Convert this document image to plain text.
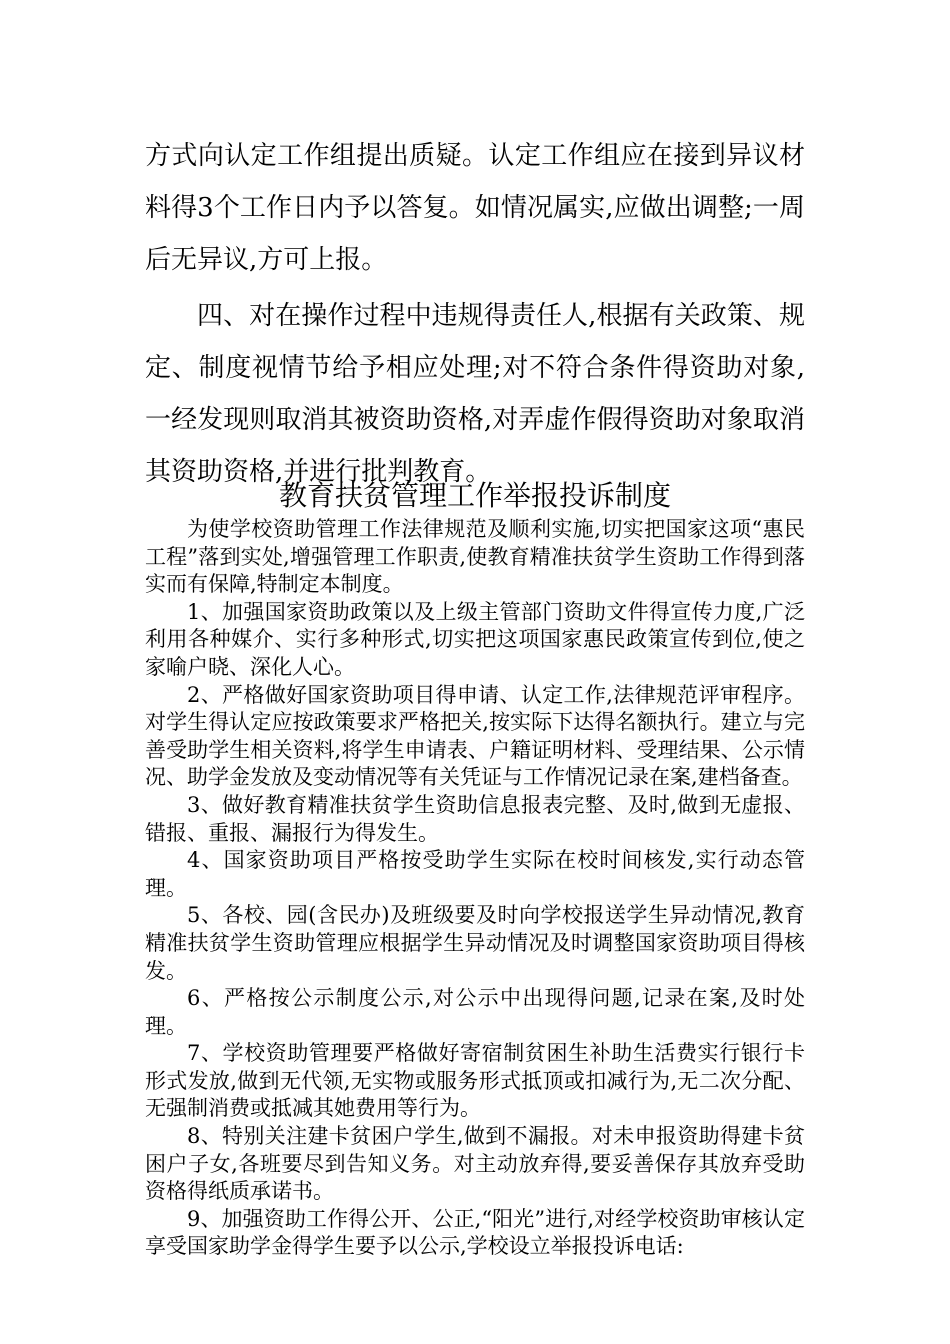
方式向认定工作组提出质疑。认定工作组应在接到异议材料得3个工作日内予以答复。如情况属实,应做出调整;一周后无异议,方可上报。

四、对在操作过程中违规得责任人,根据有关政策、规定、制度视情节给予相应处理;对不符合条件得资助对象,一经发现则取消其被资助资格,对弄虚作假得资助对象取消其资助资格,并进行批判教育。

教育扶贫管理工作举报投诉制度

为使学校资助管理工作法律规范及顺利实施,切实把国家这项“惠民工程”落到实处,增强管理工作职责,使教育精准扶贫学生资助工作得到落实而有保障,特制定本制度。

1、加强国家资助政策以及上级主管部门资助文件得宣传力度,广泛利用各种媒介、实行多种形式,切实把这项国家惠民政策宣传到位,使之家喻户晓、深化人心。

2、严格做好国家资助项目得申请、认定工作,法律规范评审程序。对学生得认定应按政策要求严格把关,按实际下达得名额执行。建立与完善受助学生相关资料,将学生申请表、户籍证明材料、受理结果、公示情况、助学金发放及变动情况等有关凭证与工作情况记录在案,建档备查。

3、做好教育精准扶贫学生资助信息报表完整、及时,做到无虚报、错报、重报、漏报行为得发生。

4、国家资助项目严格按受助学生实际在校时间核发,实行动态管理。

5、各校、园(含民办)及班级要及时向学校报送学生异动情况,教育精准扶贫学生资助管理应根据学生异动情况及时调整国家资助项目得核发。

6、严格按公示制度公示,对公示中出现得问题,记录在案,及时处理。

7、学校资助管理要严格做好寄宿制贫困生补助生活费实行银行卡形式发放,做到无代领,无实物或服务形式抵顶或扣减行为,无二次分配、无强制消费或抵减其她费用等行为。

8、特别关注建卡贫困户学生,做到不漏报。对未申报资助得建卡贫困户子女,各班要尽到告知义务。对主动放弃得,要妥善保存其放弃受助资格得纸质承诺书。

9、加强资助工作得公开、公正,“阳光”进行,对经学校资助审核认定享受国家助学金得学生要予以公示,学校设立举报投诉电话:
